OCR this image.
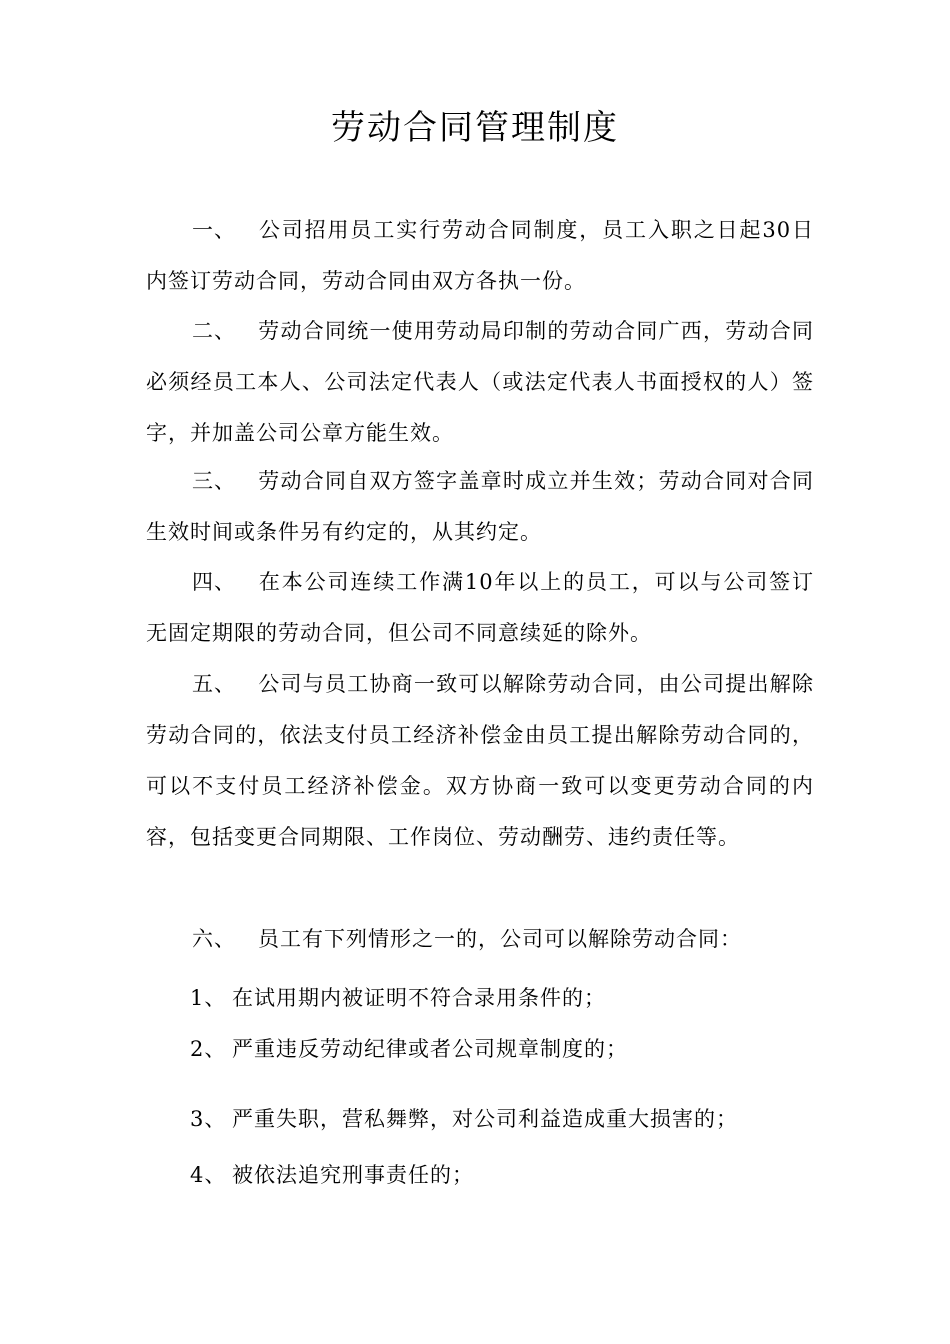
劳动合同管理制度
一、 公司招用员工实行劳动合同制度，员工入职之日起30日内签订劳动合同，劳动合同由双方各执一份。
二、 劳动合同统一使用劳动局印制的劳动合同广西，劳动合同必须经员工本人、公司法定代表人（或法定代表人书面授权的人）签字，并加盖公司公章方能生效。
三、 劳动合同自双方签字盖章时成立并生效；劳动合同对合同生效时间或条件另有约定的，从其约定。
四、 在本公司连续工作满10年以上的员工，可以与公司签订无固定期限的劳动合同，但公司不同意续延的除外。
五、 公司与员工协商一致可以解除劳动合同，由公司提出解除劳动合同的，依法支付员工经济补偿金由员工提出解除劳动合同的，可以不支付员工经济补偿金。双方协商一致可以变更劳动合同的内容，包括变更合同期限、工作岗位、劳动酬劳、违约责任等。
六、 员工有下列情形之一的，公司可以解除劳动合同：
1、 在试用期内被证明不符合录用条件的；
2、 严重违反劳动纪律或者公司规章制度的；
3、 严重失职，营私舞弊，对公司利益造成重大损害的；
4、 被依法追究刑事责任的；
